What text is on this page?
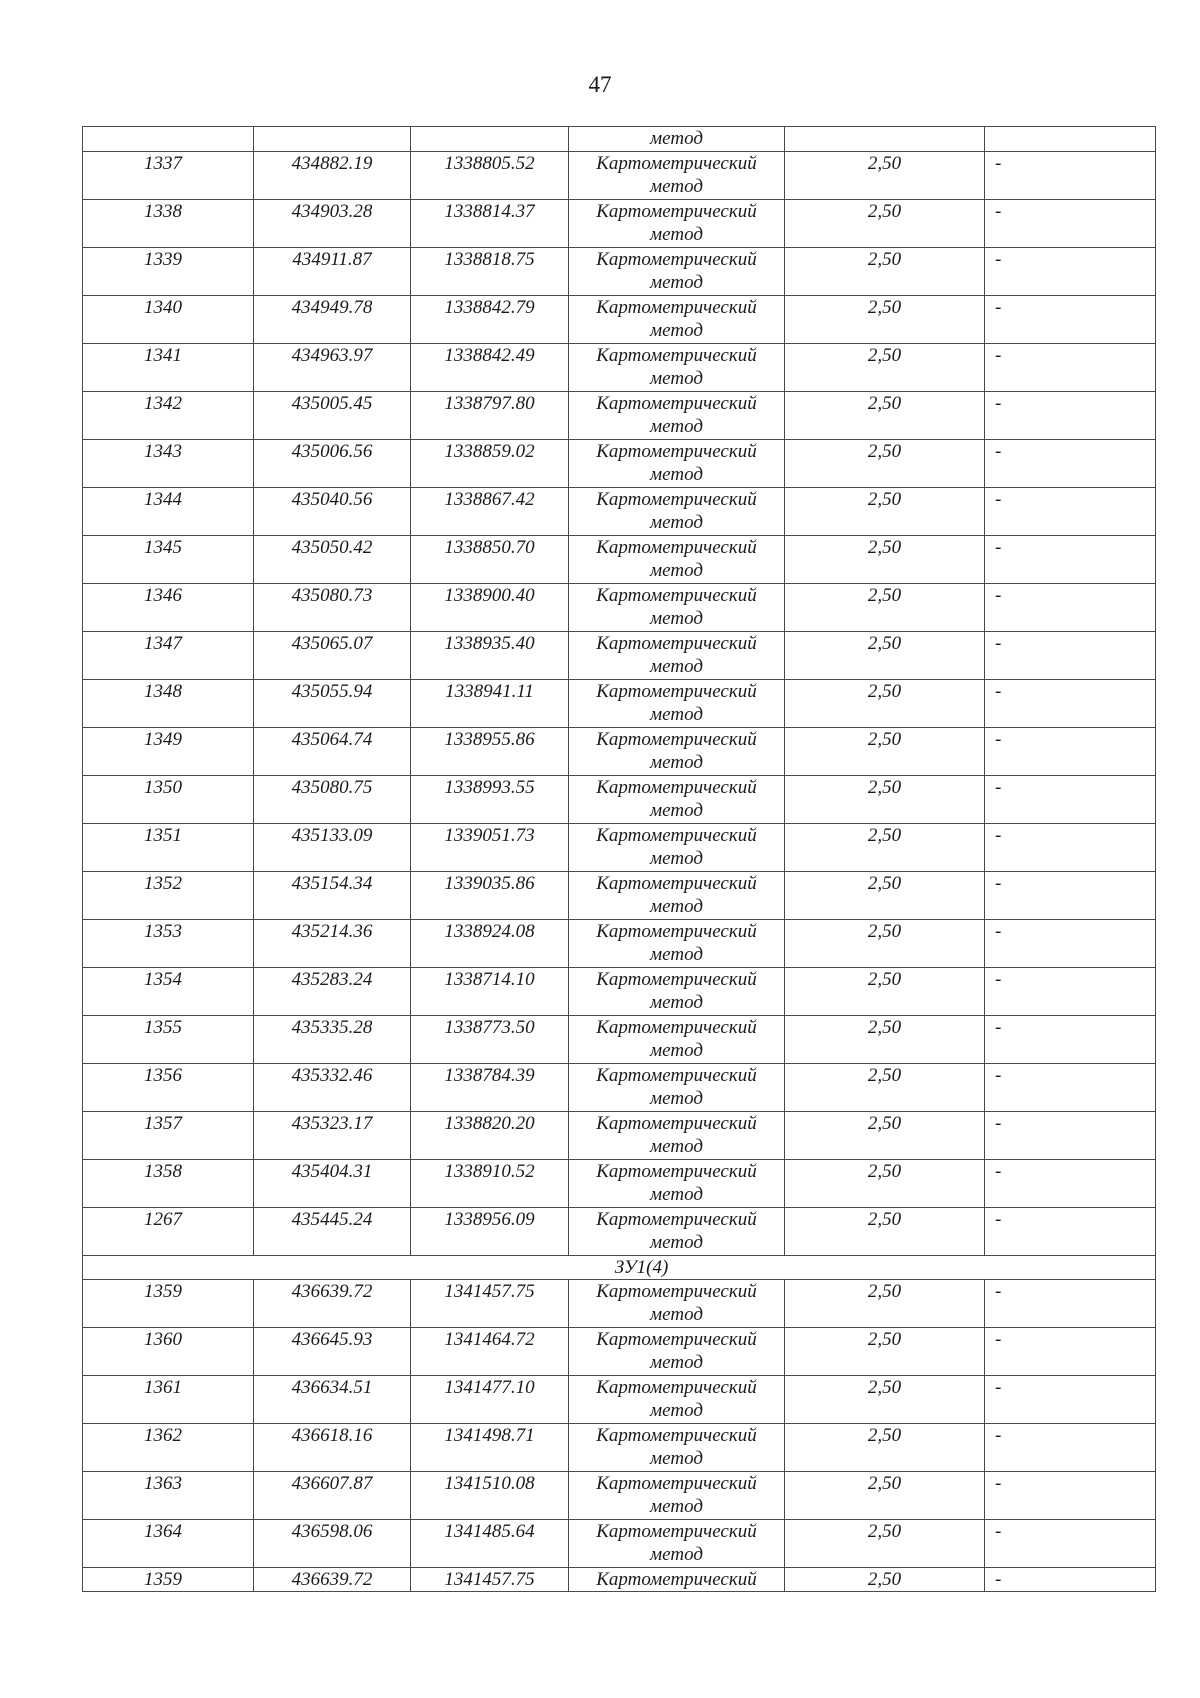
47
			метод		
1337	434882.19	1338805.52	Картометрический
метод	2,50	-
1338	434903.28	1338814.37	Картометрический
метод	2,50	-
1339	434911.87	1338818.75	Картометрический
метод	2,50	-
1340	434949.78	1338842.79	Картометрический
метод	2,50	-
1341	434963.97	1338842.49	Картометрический
метод	2,50	-
1342	435005.45	1338797.80	Картометрический
метод	2,50	-
1343	435006.56	1338859.02	Картометрический
метод	2,50	-
1344	435040.56	1338867.42	Картометрический
метод	2,50	-
1345	435050.42	1338850.70	Картометрический
метод	2,50	-
1346	435080.73	1338900.40	Картометрический
метод	2,50	-
1347	435065.07	1338935.40	Картометрический
метод	2,50	-
1348	435055.94	1338941.11	Картометрический
метод	2,50	-
1349	435064.74	1338955.86	Картометрический
метод	2,50	-
1350	435080.75	1338993.55	Картометрический
метод	2,50	-
1351	435133.09	1339051.73	Картометрический
метод	2,50	-
1352	435154.34	1339035.86	Картометрический
метод	2,50	-
1353	435214.36	1338924.08	Картометрический
метод	2,50	-
1354	435283.24	1338714.10	Картометрический
метод	2,50	-
1355	435335.28	1338773.50	Картометрический
метод	2,50	-
1356	435332.46	1338784.39	Картометрический
метод	2,50	-
1357	435323.17	1338820.20	Картометрический
метод	2,50	-
1358	435404.31	1338910.52	Картометрический
метод	2,50	-
1267	435445.24	1338956.09	Картометрический
метод	2,50	-
ЗУ1(4)					
1359	436639.72	1341457.75	Картометрический
метод	2,50	-
1360	436645.93	1341464.72	Картометрический
метод	2,50	-
1361	436634.51	1341477.10	Картометрический
метод	2,50	-
1362	436618.16	1341498.71	Картометрический
метод	2,50	-
1363	436607.87	1341510.08	Картометрический
метод	2,50	-
1364	436598.06	1341485.64	Картометрический
метод	2,50	-
1359	436639.72	1341457.75	Картометрический	2,50	-
